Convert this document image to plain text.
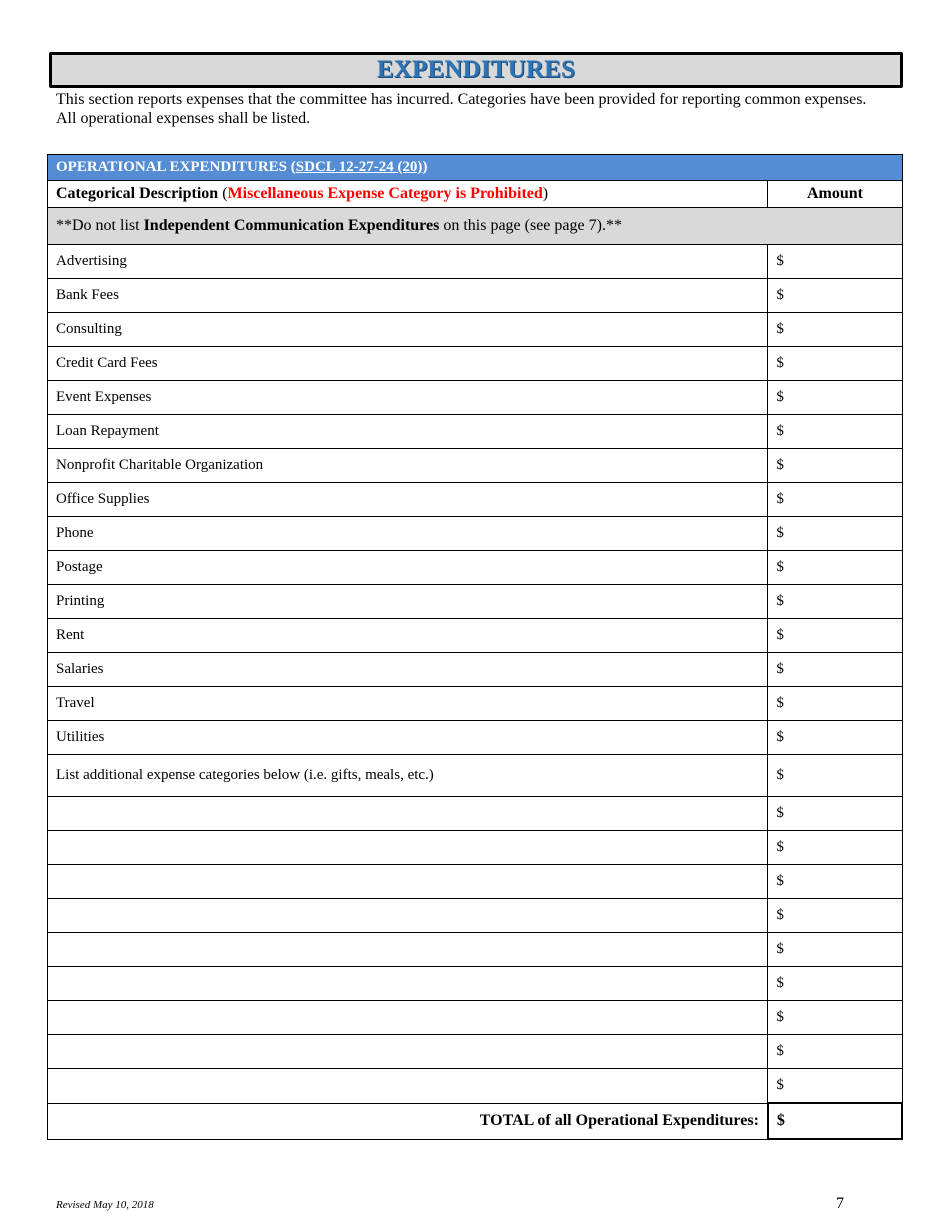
EXPENDITURES
This section reports expenses that the committee has incurred. Categories have been provided for reporting common expenses. All operational expenses shall be listed.
OPERATIONAL EXPENDITURES (SDCL 12-27-24 (20))	
Categorical Description (Miscellaneous Expense Category is Prohibited)	Amount
**Do not list Independent Communication Expenditures on this page (see page 7).**	
Advertising	$
Bank Fees	$
Consulting	$
Credit Card Fees	$
Event Expenses	$
Loan Repayment	$
Nonprofit Charitable Organization	$
Office Supplies	$
Phone	$
Postage	$
Printing	$
Rent	$
Salaries	$
Travel	$
Utilities	$
List additional expense categories below (i.e. gifts, meals, etc.)	$
	$
	$
	$
	$
	$
	$
	$
	$
	$
TOTAL of all Operational Expenditures:	$
Revised May 10, 2018	7
